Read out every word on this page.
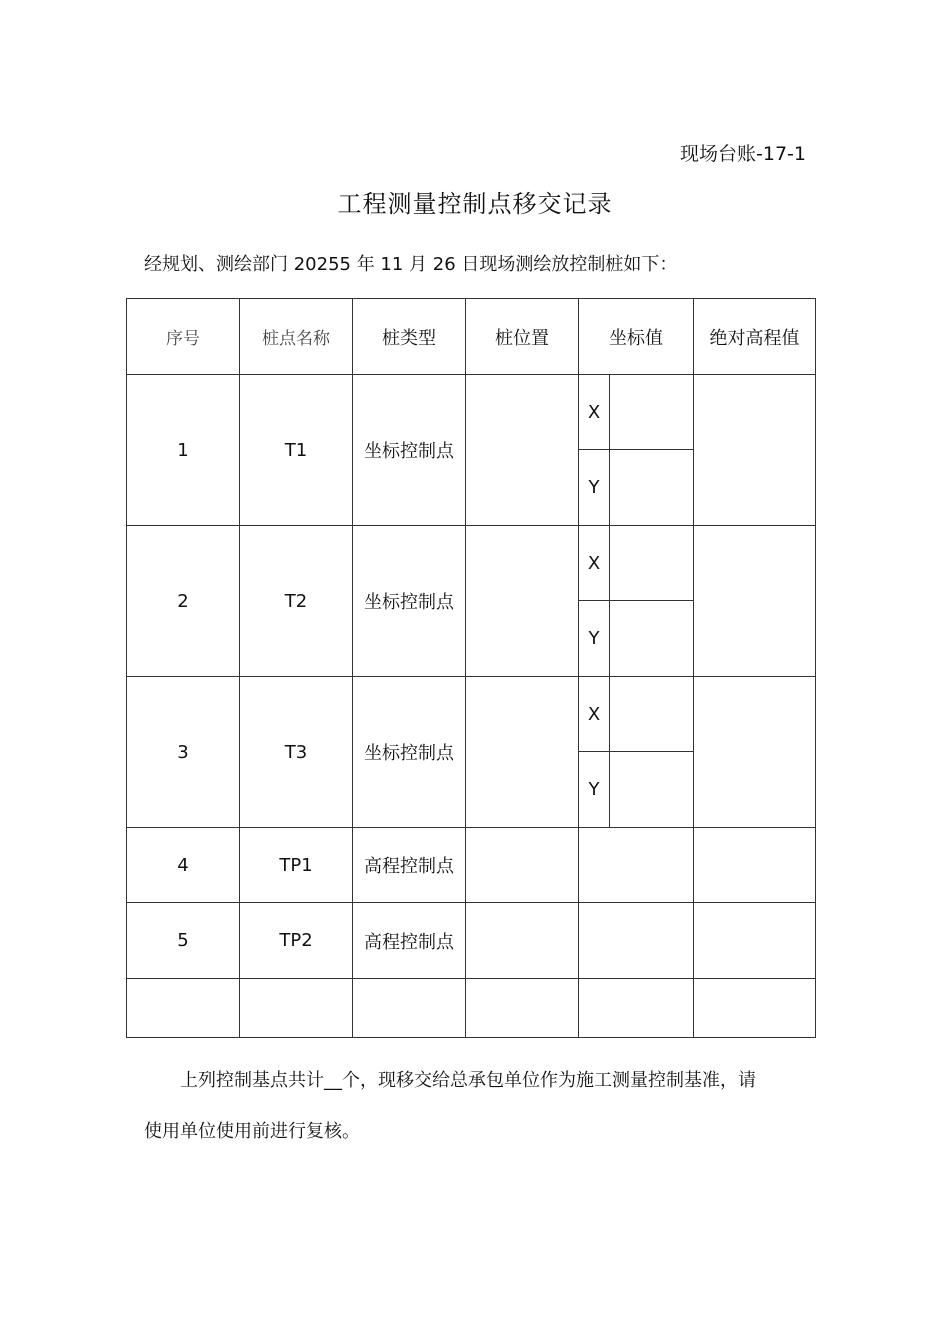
现场台账-17-1
工程测量控制点移交记录
经规划、测绘部门 20255 年 11 月 26 日现场测绘放控制桩如下：
序号	桩点名称	桩类型	桩位置	坐标值		绝对高程值
1	T1	坐标控制点		X		
				Y		
2	T2	坐标控制点		X		
				Y		
3	T3	坐标控制点		X		
				Y		
4	TP1	高程控制点				
5	TP2	高程控制点				

上列控制基点共计__个，现移交给总承包单位作为施工测量控制基准，请
使用单位使用前进行复核。
